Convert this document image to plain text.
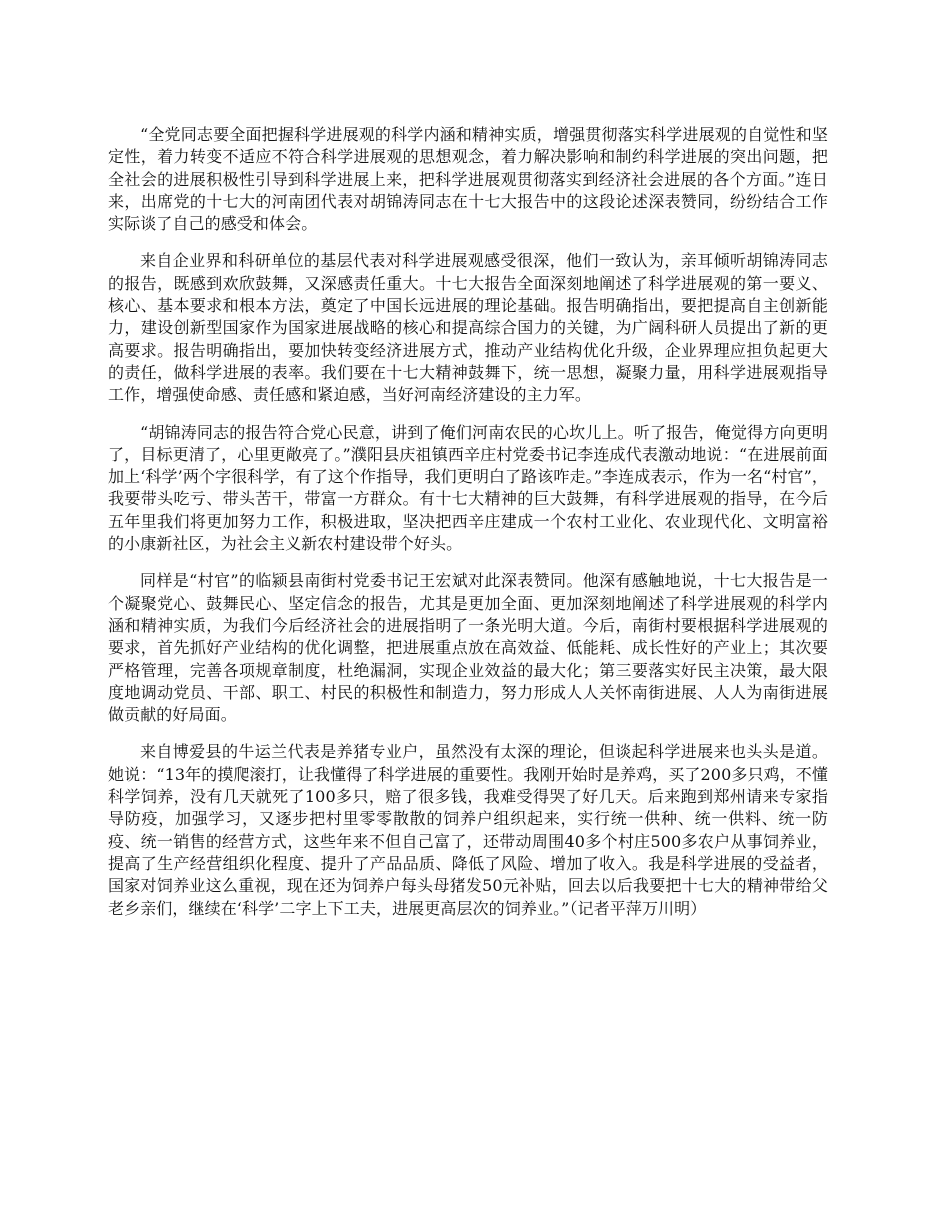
“全党同志要全面把握科学进展观的科学内涵和精神实质，增强贯彻落实科学进展观的自觉性和坚定性，着力转变不适应不符合科学进展观的思想观念，着力解决影响和制约科学进展的突出问题，把全社会的进展积极性引导到科学进展上来，把科学进展观贯彻落实到经济社会进展的各个方面。”连日来，出席党的十七大的河南团代表对胡锦涛同志在十七大报告中的这段论述深表赞同，纷纷结合工作实际谈了自己的感受和体会。

来自企业界和科研单位的基层代表对科学进展观感受很深，他们一致认为，亲耳倾听胡锦涛同志的报告，既感到欢欣鼓舞，又深感责任重大。十七大报告全面深刻地阐述了科学进展观的第一要义、核心、基本要求和根本方法，奠定了中国长远进展的理论基础。报告明确指出，要把提高自主创新能力，建设创新型国家作为国家进展战略的核心和提高综合国力的关键，为广阔科研人员提出了新的更高要求。报告明确指出，要加快转变经济进展方式，推动产业结构优化升级，企业界理应担负起更大的责任，做科学进展的表率。我们要在十七大精神鼓舞下，统一思想，凝聚力量，用科学进展观指导工作，增强使命感、责任感和紧迫感，当好河南经济建设的主力军。

“胡锦涛同志的报告符合党心民意，讲到了俺们河南农民的心坎儿上。听了报告，俺觉得方向更明了，目标更清了，心里更敞亮了。”濮阳县庆祖镇西辛庄村党委书记李连成代表激动地说：“在进展前面加上‘科学’两个字很科学，有了这个作指导，我们更明白了路该咋走。”李连成表示，作为一名“村官”，我要带头吃亏、带头苦干，带富一方群众。有十七大精神的巨大鼓舞，有科学进展观的指导，在今后五年里我们将更加努力工作，积极进取，坚决把西辛庄建成一个农村工业化、农业现代化、文明富裕的小康新社区，为社会主义新农村建设带个好头。

同样是“村官”的临颍县南街村党委书记王宏斌对此深表赞同。他深有感触地说，十七大报告是一个凝聚党心、鼓舞民心、坚定信念的报告，尤其是更加全面、更加深刻地阐述了科学进展观的科学内涵和精神实质，为我们今后经济社会的进展指明了一条光明大道。今后，南街村要根据科学进展观的要求，首先抓好产业结构的优化调整，把进展重点放在高效益、低能耗、成长性好的产业上；其次要严格管理，完善各项规章制度，杜绝漏洞，实现企业效益的最大化；第三要落实好民主决策，最大限度地调动党员、干部、职工、村民的积极性和制造力，努力形成人人关怀南街进展、人人为南街进展做贡献的好局面。

来自博爱县的牛运兰代表是养猪专业户，虽然没有太深的理论，但谈起科学进展来也头头是道。她说：“13年的摸爬滚打，让我懂得了科学进展的重要性。我刚开始时是养鸡，买了200多只鸡，不懂科学饲养，没有几天就死了100多只，赔了很多钱，我难受得哭了好几天。后来跑到郑州请来专家指导防疫，加强学习，又逐步把村里零零散散的饲养户组织起来，实行统一供种、统一供料、统一防疫、统一销售的经营方式，这些年来不但自己富了，还带动周围40多个村庄500多农户从事饲养业，提高了生产经营组织化程度、提升了产品品质、降低了风险、增加了收入。我是科学进展的受益者，国家对饲养业这么重视，现在还为饲养户每头母猪发50元补贴，回去以后我要把十七大的精神带给父老乡亲们，继续在‘科学’二字上下工夫，进展更高层次的饲养业。”（记者平萍万川明）
